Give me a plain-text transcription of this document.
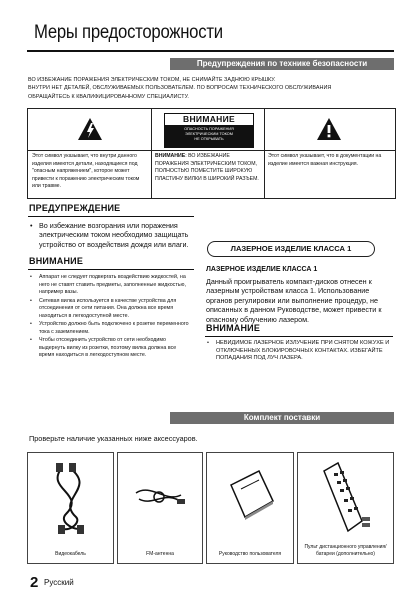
Меры предосторожности
Предупреждения по технике безопасности
ВО ИЗБЕЖАНИЕ ПОРАЖЕНИЯ ЭЛЕКТРИЧЕСКИМ ТОКОМ, НЕ СНИМАЙТЕ ЗАДНЮЮ КРЫШКУ.
ВНУТРИ НЕТ ДЕТАЛЕЙ, ОБСЛУЖИВАЕМЫХ ПОЛЬЗОВАТЕЛЕМ. ПО ВОПРОСАМ ТЕХНИЧЕСКОГО ОБСЛУЖИВАНИЯ
ОБРАЩАЙТЕСЬ К КВАЛИФИЦИРОВАННОМУ СПЕЦИАЛИСТУ.
ВНИМАНИЕ
ОПАСНОСТЬ ПОРАЖЕНИЯ
ЭЛЕКТРИЧЕСКИМ ТОКОМ
НЕ ОТКРЫВАТЬ
Этот символ указывает, что внутри данного изделия имеются детали, находящиеся под "опасным напряжением", которое может привести к поражению электрическим током или травме.
ВНИМАНИЕ: ВО ИЗБЕЖАНИЕ ПОРАЖЕНИЯ ЭЛЕКТРИЧЕСКИМ ТОКОМ, ПОЛНОСТЬЮ ПОМЕСТИТЕ ШИРОКУЮ ПЛАСТИНУ ВИЛКИ В ШИРОКИЙ РАЗЪЕМ.
Этот символ указывает, что в документации на изделие имеется важная инструкция.
ПРЕДУПРЕЖДЕНИЕ
• Во избежание возгорания или поражения электрическим током необходимо защищать устройство от воздействия дождя или влаги.
ВНИМАНИЕ
• Аппарат не следует подвергать воздействию жидкостей, на него не ставят ставить предметы, заполненные жидкостью, например вазы.
• Сетевая вилка используется в качестве устройства для отсоединения от сети питания. Она должна все время находиться в легкодоступной месте.
• Устройство должно быть подключено к розетке переменного тока с заземлением.
• Чтобы отсоединить устройство от сети необходимо выдернуть вилку из розетки, поэтому вилка должна все время находиться в легкодоступном месте.
ЛАЗЕРНОЕ ИЗДЕЛИЕ КЛАССА 1
ЛАЗЕРНОЕ ИЗДЕЛИЕ КЛАССА 1
Данный проигрыватель компакт-дисков отнесен к лазерным устройствам класса 1. Использование органов регулировки или выполнение процедур, не описанных в данном Руководстве, может привести к опасному облучению лазером.
ВНИМАНИЕ
• НЕВИДИМОЕ ЛАЗЕРНОЕ ИЗЛУЧЕНИЕ ПРИ СНЯТОМ КОЖУХЕ И ОТКЛЮЧЕННЫХ БЛОКИРОВОЧНЫХ КОНТАКТАХ. ИЗБЕГАЙТЕ ПОПАДАНИЯ ПОД ЛУЧ ЛАЗЕРА.
Комплект поставки
Проверьте наличие указанных ниже аксессуаров.
Видеокабель	FM-антенна	Руководство пользователя
Пульт дистанционного управления/ батареи (дополнительно)
2 Русский
